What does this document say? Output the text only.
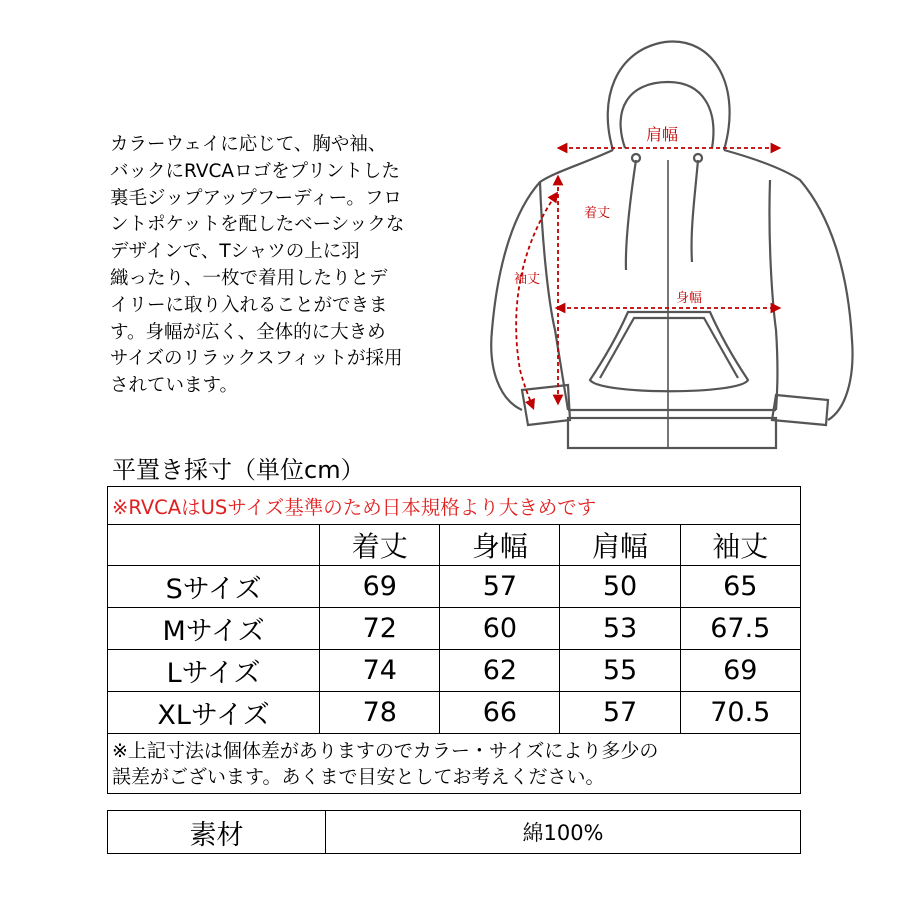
カラーウェイに応じて、胸や袖、
バックにRVCAロゴをプリントした
裏毛ジップアップフーディー。フロ
ントポケットを配したベーシックな
デザインで、Tシャツの上に羽
織ったり、一枚で着用したりとデ
イリーに取り入れることができま
す。身幅が広く、全体的に大きめ
サイズのリラックスフィットが採用
されています。
肩幅
着丈
袖丈
身幅
平置き採寸（単位cm）
※RVCAはUSサイズ基準のため日本規格より大きめです				
	着丈	身幅	肩幅	袖丈
Sサイズ	69	57	50	65
Mサイズ	72	60	53	67.5
Lサイズ	74	62	55	69
XLサイズ	78	66	57	70.5

※上記寸法は個体差がありますのでカラー・サイズにより多少の
誤差がございます。あくまで目安としてお考えください。				
素材	綿100%
